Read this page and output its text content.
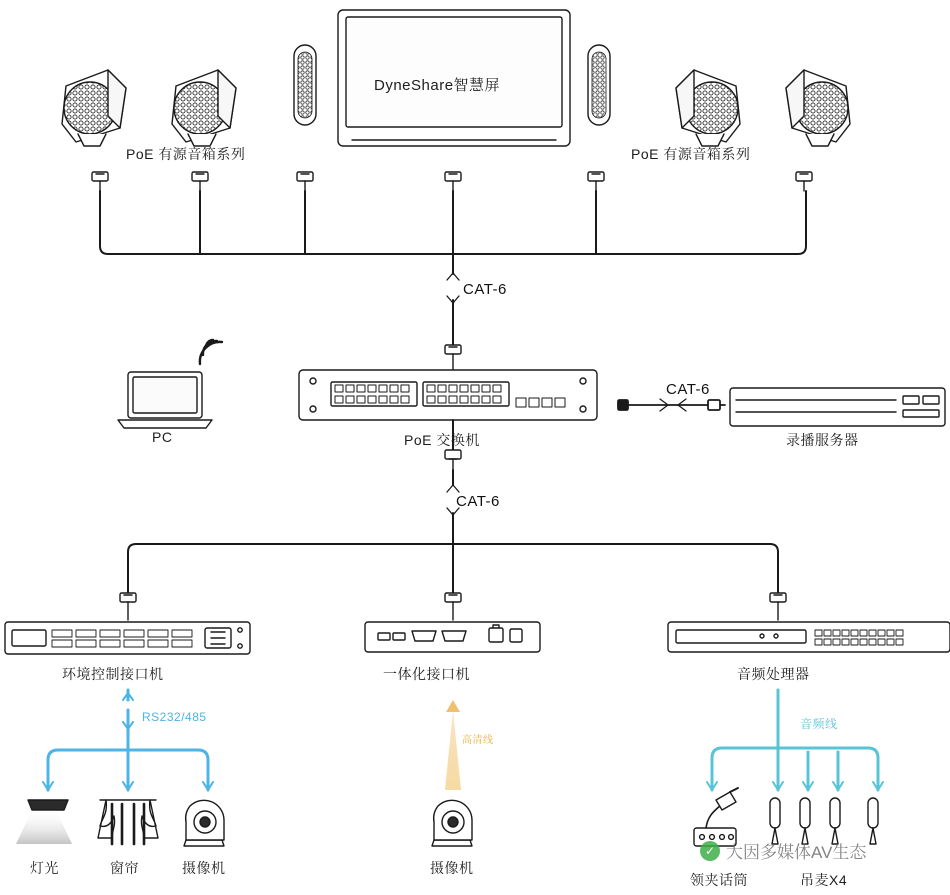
DyneShare智慧屏
PoE 有源音箱系列	PoE 有源音箱系列
CAT-6
CAT-6
CAT-6
PC	PoE 交换机	录播服务器
环境控制接口机	一体化接口机	音频处理器
RS232/485
高清线
音频线
灯光	窗帘	摄像机	摄像机
领夹话筒	吊麦X4
✓ 大因多媒体AV生态
